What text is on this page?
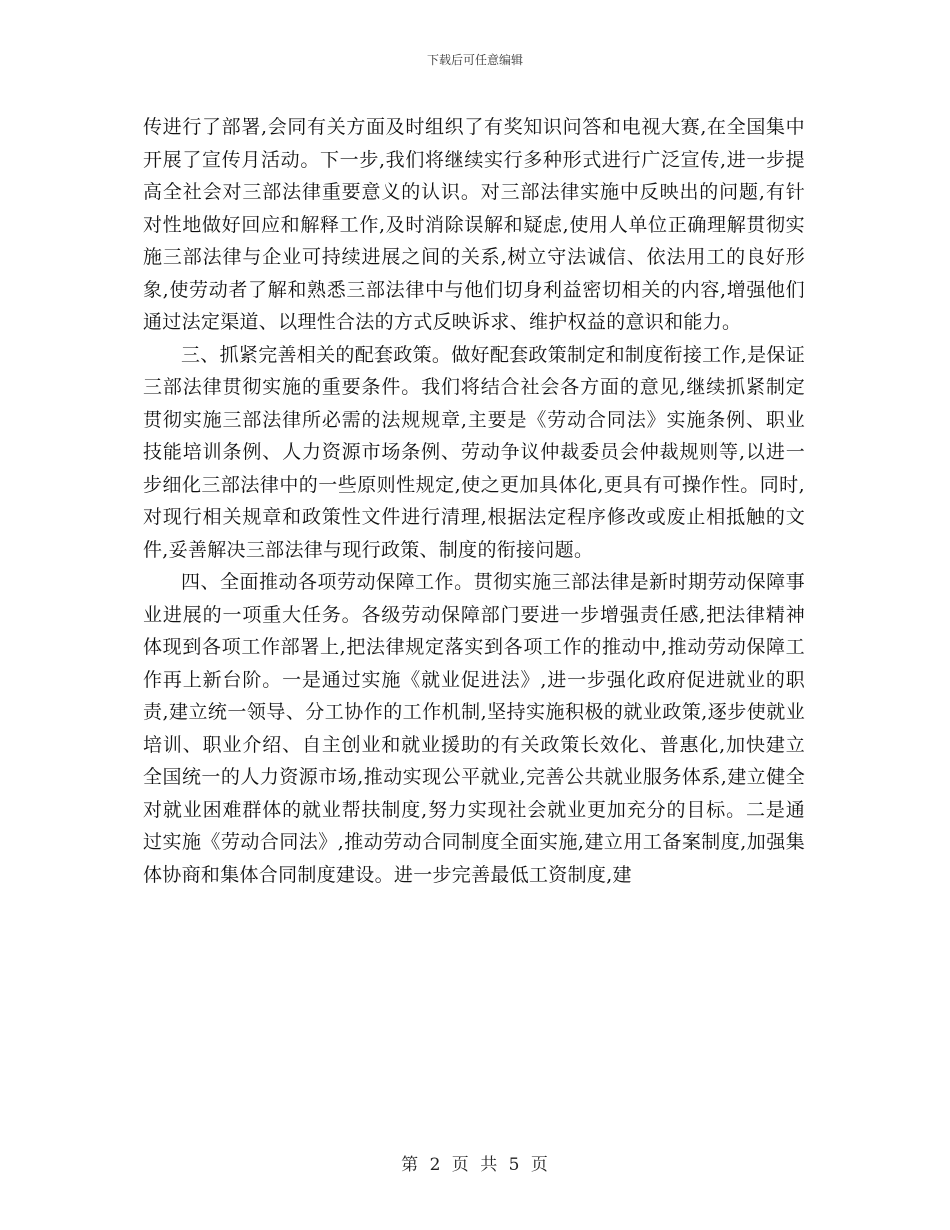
下载后可任意编辑

传进行了部署,会同有关方面及时组织了有奖知识问答和电视大赛,在全国集中开展了宣传月活动。下一步,我们将继续实行多种形式进行广泛宣传,进一步提高全社会对三部法律重要意义的认识。对三部法律实施中反映出的问题,有针对性地做好回应和解释工作,及时消除误解和疑虑,使用人单位正确理解贯彻实施三部法律与企业可持续进展之间的关系,树立守法诚信、依法用工的良好形象,使劳动者了解和熟悉三部法律中与他们切身利益密切相关的内容,增强他们通过法定渠道、以理性合法的方式反映诉求、维护权益的意识和能力。

三、抓紧完善相关的配套政策。做好配套政策制定和制度衔接工作,是保证三部法律贯彻实施的重要条件。我们将结合社会各方面的意见,继续抓紧制定贯彻实施三部法律所必需的法规规章,主要是《劳动合同法》实施条例、职业技能培训条例、人力资源市场条例、劳动争议仲裁委员会仲裁规则等,以进一步细化三部法律中的一些原则性规定,使之更加具体化,更具有可操作性。同时,对现行相关规章和政策性文件进行清理,根据法定程序修改或废止相抵触的文件,妥善解决三部法律与现行政策、制度的衔接问题。

四、全面推动各项劳动保障工作。贯彻实施三部法律是新时期劳动保障事业进展的一项重大任务。各级劳动保障部门要进一步增强责任感,把法律精神体现到各项工作部署上,把法律规定落实到各项工作的推动中,推动劳动保障工作再上新台阶。一是通过实施《就业促进法》,进一步强化政府促进就业的职责,建立统一领导、分工协作的工作机制,坚持实施积极的就业政策,逐步使就业培训、职业介绍、自主创业和就业援助的有关政策长效化、普惠化,加快建立全国统一的人力资源市场,推动实现公平就业,完善公共就业服务体系,建立健全对就业困难群体的就业帮扶制度,努力实现社会就业更加充分的目标。二是通过实施《劳动合同法》,推动劳动合同制度全面实施,建立用工备案制度,加强集体协商和集体合同制度建设。进一步完善最低工资制度,建

第 2 页 共 5 页
